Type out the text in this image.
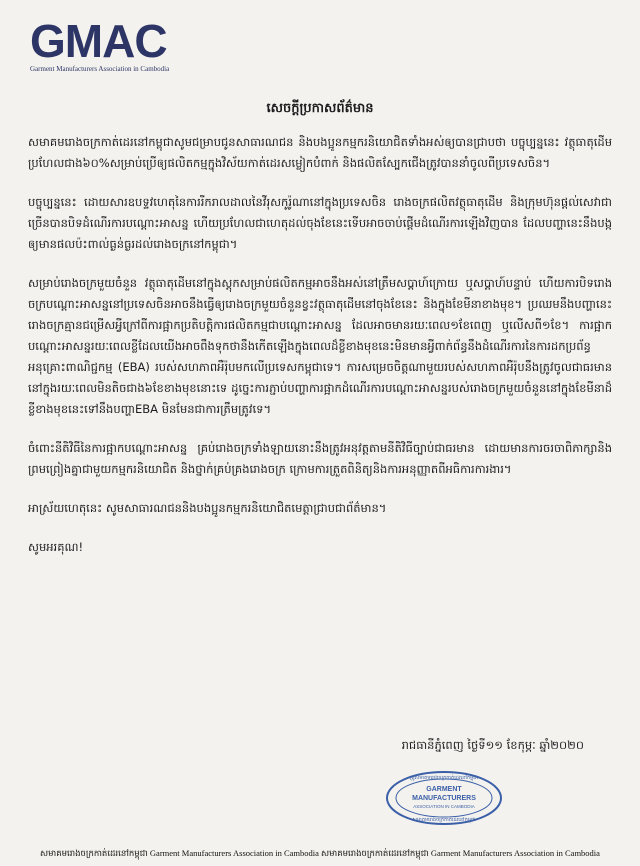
GMAC
Garment Manufacturers Association in Cambodia
សេចក្តីប្រកាសព័ត៌មាន

សមាគមរោងចក្រកាត់ដេរនៅកម្ពុជាសូមជម្រាបជូនសាធារណជន និងបងប្អូនកម្មករនិយោជិតទាំងអស់ឲ្យបានជ្រាបថា បច្ចុប្បន្ននេះ វត្ថុធាតុដើមប្រហែលជាង៦០%សម្រាប់ប្រើឲ្យផលិតកម្មក្នុងវិស័យកាត់ដេរសម្លៀកបំពាក់ និងផលិតស្បែកជើងត្រូវបាននាំចូលពីប្រទេសចិន។

បច្ចុប្បន្ននេះ ដោយសារឧបទ្ទវហេតុនៃការរីករាលដាលនៃវីរុសកូរ៉ូណានៅក្នុងប្រទេសចិន រោងចក្រផលិតវត្ថុធាតុដើម និងក្រុមហ៊ុនផ្តល់សេវាជាច្រើនបានបិទដំណើរការបណ្តោះអាសន្ន ហើយប្រហែលជាហេតុដល់ចុងខែនេះទើបអាចចាប់ផ្តើមដំណើរការឡើងវិញបាន ដែលបញ្ហានេះនឹងបង្កឲ្យមានផលប៉ះពាល់ធ្ងន់ធ្ងរដល់រោងចក្រនៅកម្ពុជា។

សម្រាប់រោងចក្រមួយចំនួន វត្ថុធាតុដើមនៅក្នុងស្តុកសម្រាប់ផលិតកម្មអាចនឹងអស់នៅត្រឹមសប្តាហ៍ក្រោយ ឬសប្តាហ៍បន្ទាប់ ហើយការបិទរោងចក្របណ្តោះអាសន្ននៅប្រទេសចិនអាចនឹងធ្វើឲ្យរោងចក្រមួយចំនួនខ្វះវត្ថុធាតុដើមនៅចុងខែនេះ និងក្នុងខែមីនាខាងមុខ។ ប្រឈមនឹងបញ្ហានេះ រោងចក្រគ្មានជម្រើសអ្វីក្រៅពីការផ្អាកប្រតិបត្តិការផលិតកម្មជាបណ្តោះអាសន្ន ដែលអាចមានរយៈពេល១ខែពេញ ឬលើសពី១ខែ។ ការផ្អាកបណ្តោះអាសន្នរយៈពេលខ្លីដែលយើងអាចពឹងទុកថានឹងកើតឡើងក្នុងពេលដ៏ខ្លីខាងមុខនេះមិនមានអ្វីពាក់ព័ន្ធនឹងដំណើរការនៃការដកប្រព័ន្ធអនុគ្រោះពាណិជ្ជកម្ម (EBA) របស់សហភាពអឺរ៉ុបមកលើប្រទេសកម្ពុជាទេ។ ការសម្រេចចិត្តណាមួយរបស់សហភាពអឺរ៉ុបនឹងត្រូវចូលជាធរមាននៅក្នុងរយៈពេលមិនតិចជាង៦ខែខាងមុខនោះទេ ដូច្នេះការភ្ជាប់បញ្ហាការផ្អាកដំណើរការបណ្តោះអាសន្នរបស់រោងចក្រមួយចំនួននៅក្នុងខែមីនាដ៏ខ្លីខាងមុខនេះទៅនឹងបញ្ហាEBA មិនមែនជាការត្រឹមត្រូវទេ។

ចំពោះនីតិវិធីនៃការផ្អាកបណ្តោះអាសន្ន គ្រប់រោងចក្រទាំងឡាយនោះនឹងត្រូវអនុវត្តតាមនីតិវិធីច្បាប់ជាធរមាន ដោយមានការចរចាពិភាក្សានិងព្រមព្រៀងគ្នាជាមួយកម្មករនិយោជិត និងថ្នាក់គ្រប់គ្រងរោងចក្រ ក្រោមការត្រួតពិនិត្យនិងការអនុញ្ញាតពីអធិការការងារ។

អាស្រ័យហេតុនេះ សូមសាធារណជននិងបងប្អូនកម្មករនិយោជិតមេត្តាជ្រាបជាព័ត៌មាន។

សូមអរគុណ!

រាជធានីភ្នំពេញ ថ្ងៃទី១១ ខែកុម្ភៈ ឆ្នាំ២០២០
គ្រូសមាគមរោងចក្រកាត់ដេរនៅកម្ពុជា
GARMENT
MANUFACTURERS
ASSOCIATION IN CAMBODIA
សមាគមរោងចក្រកាត់ដេរនៅកម្ពុជា
សមាគមរោងចក្រកាត់ដេរនៅកម្ពុជា Garment Manufacturers Association in Cambodia សមាគមរោងចក្រកាត់ដេរនៅកម្ពុជា Garment Manufacturers Association in Cambodia
